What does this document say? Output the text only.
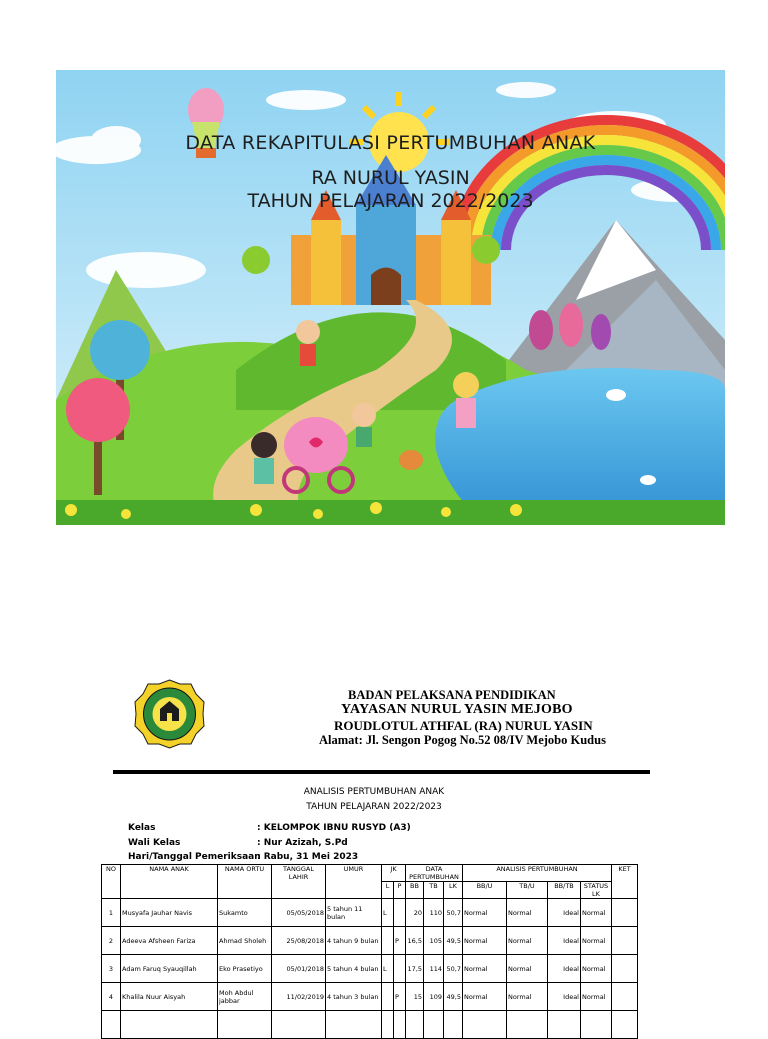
DATA REKAPITULASI PERTUMBUHAN ANAK
RA NURUL YASIN
TAHUN PELAJARAN 2022/2023

BADAN PELAKSANA PENDIDIKAN

YAYASAN NURUL YASIN MEJOBO

ROUDLOTUL ATHFAL (RA) NURUL YASIN

Alamat: Jl. Sengon Pogog No.52 08/IV Mejobo Kudus

ANALISIS PERTUMBUHAN ANAK

TAHUN PELAJARAN 2022/2023

Kelas	: KELOMPOK IBNU RUSYD (A3)
Wali Kelas	: Nur Azizah, S.Pd
Hari/Tanggal Pemeriksaan
: Rabu, 31 Mei 2023
NO	NAMA ANAK	NAMA ORTU	TANGGAL LAHIR	UMUR	JK		DATA PERTUMBUHAN			ANALISIS PERTUMBUHAN				KET
					L	P	BB	TB	LK	BB/U	TB/U	BB/TB	STATUS LK	
1	Musyafa Jauhar Navis	Sukamto	05/05/2018	5 tahun 11 bulan	L		20	110	50,7	Normal	Normal	Ideal	Normal	
2	Adeeva Afsheen Fariza	Ahmad Sholeh	25/08/2018	4 tahun 9 bulan		P	16,5	105	49,5	Normal	Normal	Ideal	Normal	
3	Adam Faruq Syauqillah	Eko Prasetiyo	05/01/2018	5 tahun 4 bulan	L		17,5	114	50,7	Normal	Normal	Ideal	Normal	
4	Khalila Nuur Aisyah	Moh Abdul jabbar	11/02/2019	4 tahun 3 bulan		P	15	109	49,5	Normal	Normal	Ideal	Normal	
